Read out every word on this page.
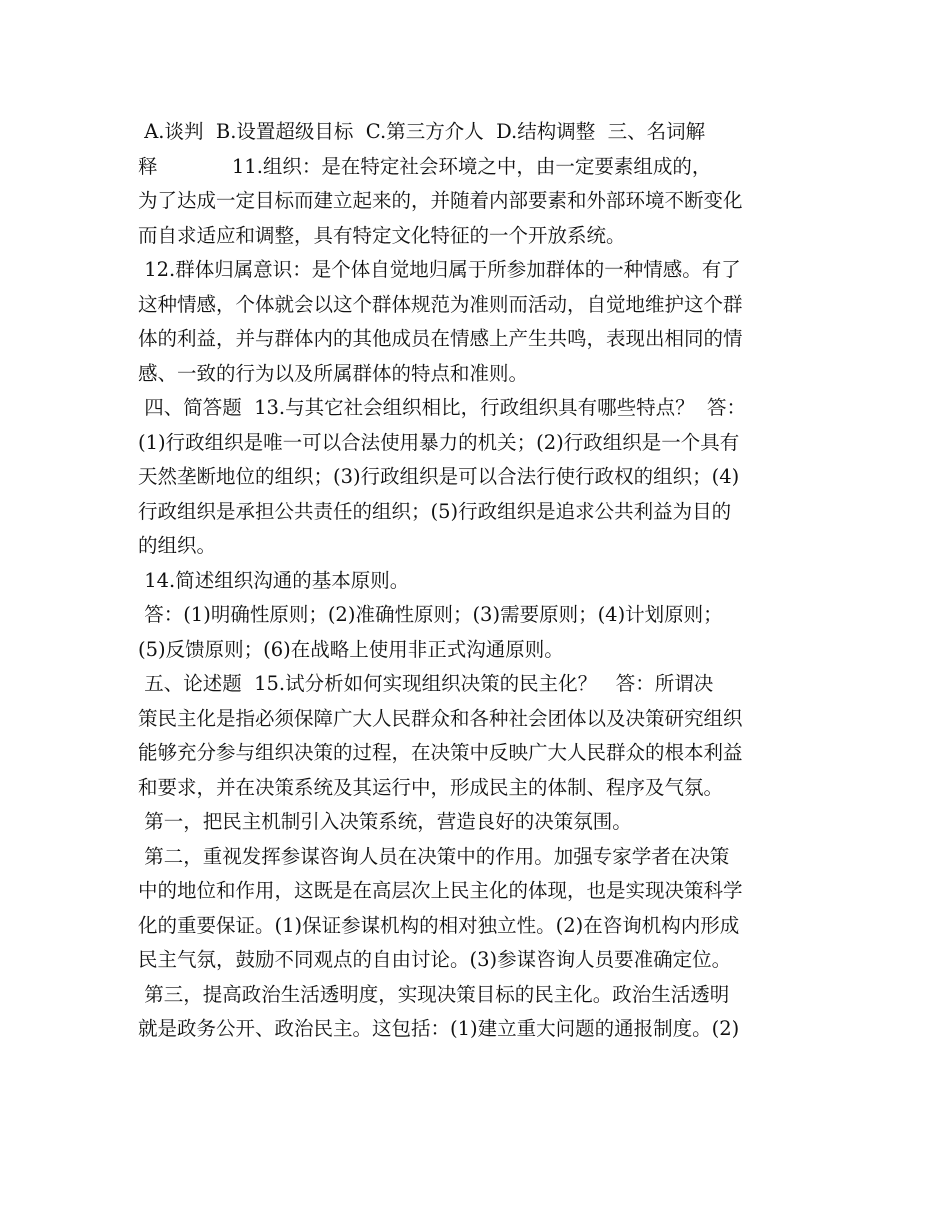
A.谈判  B.设置超级目标  C.第三方介人  D.结构调整  三、名词解
释            11.组织：是在特定社会环境之中，由一定要素组成的，
为了达成一定目标而建立起来的，并随着内部要素和外部环境不断变化
而自求适应和调整，具有特定文化特征的一个开放系统。
12.群体归属意识：是个体自觉地归属于所参加群体的一种情感。有了
这种情感，个体就会以这个群体规范为准则而活动，自觉地维护这个群
体的利益，并与群体内的其他成员在情感上产生共鸣，表现出相同的情
感、一致的行为以及所属群体的特点和准则。
四、简答题  13.与其它社会组织相比，行政组织具有哪些特点？  答：
(1)行政组织是唯一可以合法使用暴力的机关；(2)行政组织是一个具有
天然垄断地位的组织；(3)行政组织是可以合法行使行政权的组织；(4)
行政组织是承担公共责任的组织；(5)行政组织是追求公共利益为目的
的组织。
14.简述组织沟通的基本原则。
答：(1)明确性原则；(2)准确性原则；(3)需要原则；(4)计划原则；
(5)反馈原则；(6)在战略上使用非正式沟通原则。
五、论述题  15.试分析如何实现组织决策的民主化？   答：所谓决
策民主化是指必须保障广大人民群众和各种社会团体以及决策研究组织
能够充分参与组织决策的过程，在决策中反映广大人民群众的根本利益
和要求，并在决策系统及其运行中，形成民主的体制、程序及气氛。
第一，把民主机制引入决策系统，营造良好的决策氛围。
第二，重视发挥参谋咨询人员在决策中的作用。加强专家学者在决策
中的地位和作用，这既是在高层次上民主化的体现，也是实现决策科学
化的重要保证。(1)保证参谋机构的相对独立性。(2)在咨询机构内形成
民主气氛，鼓励不同观点的自由讨论。(3)参谋咨询人员要准确定位。
第三，提高政治生活透明度，实现决策目标的民主化。政治生活透明
就是政务公开、政治民主。这包括：(1)建立重大问题的通报制度。(2)
